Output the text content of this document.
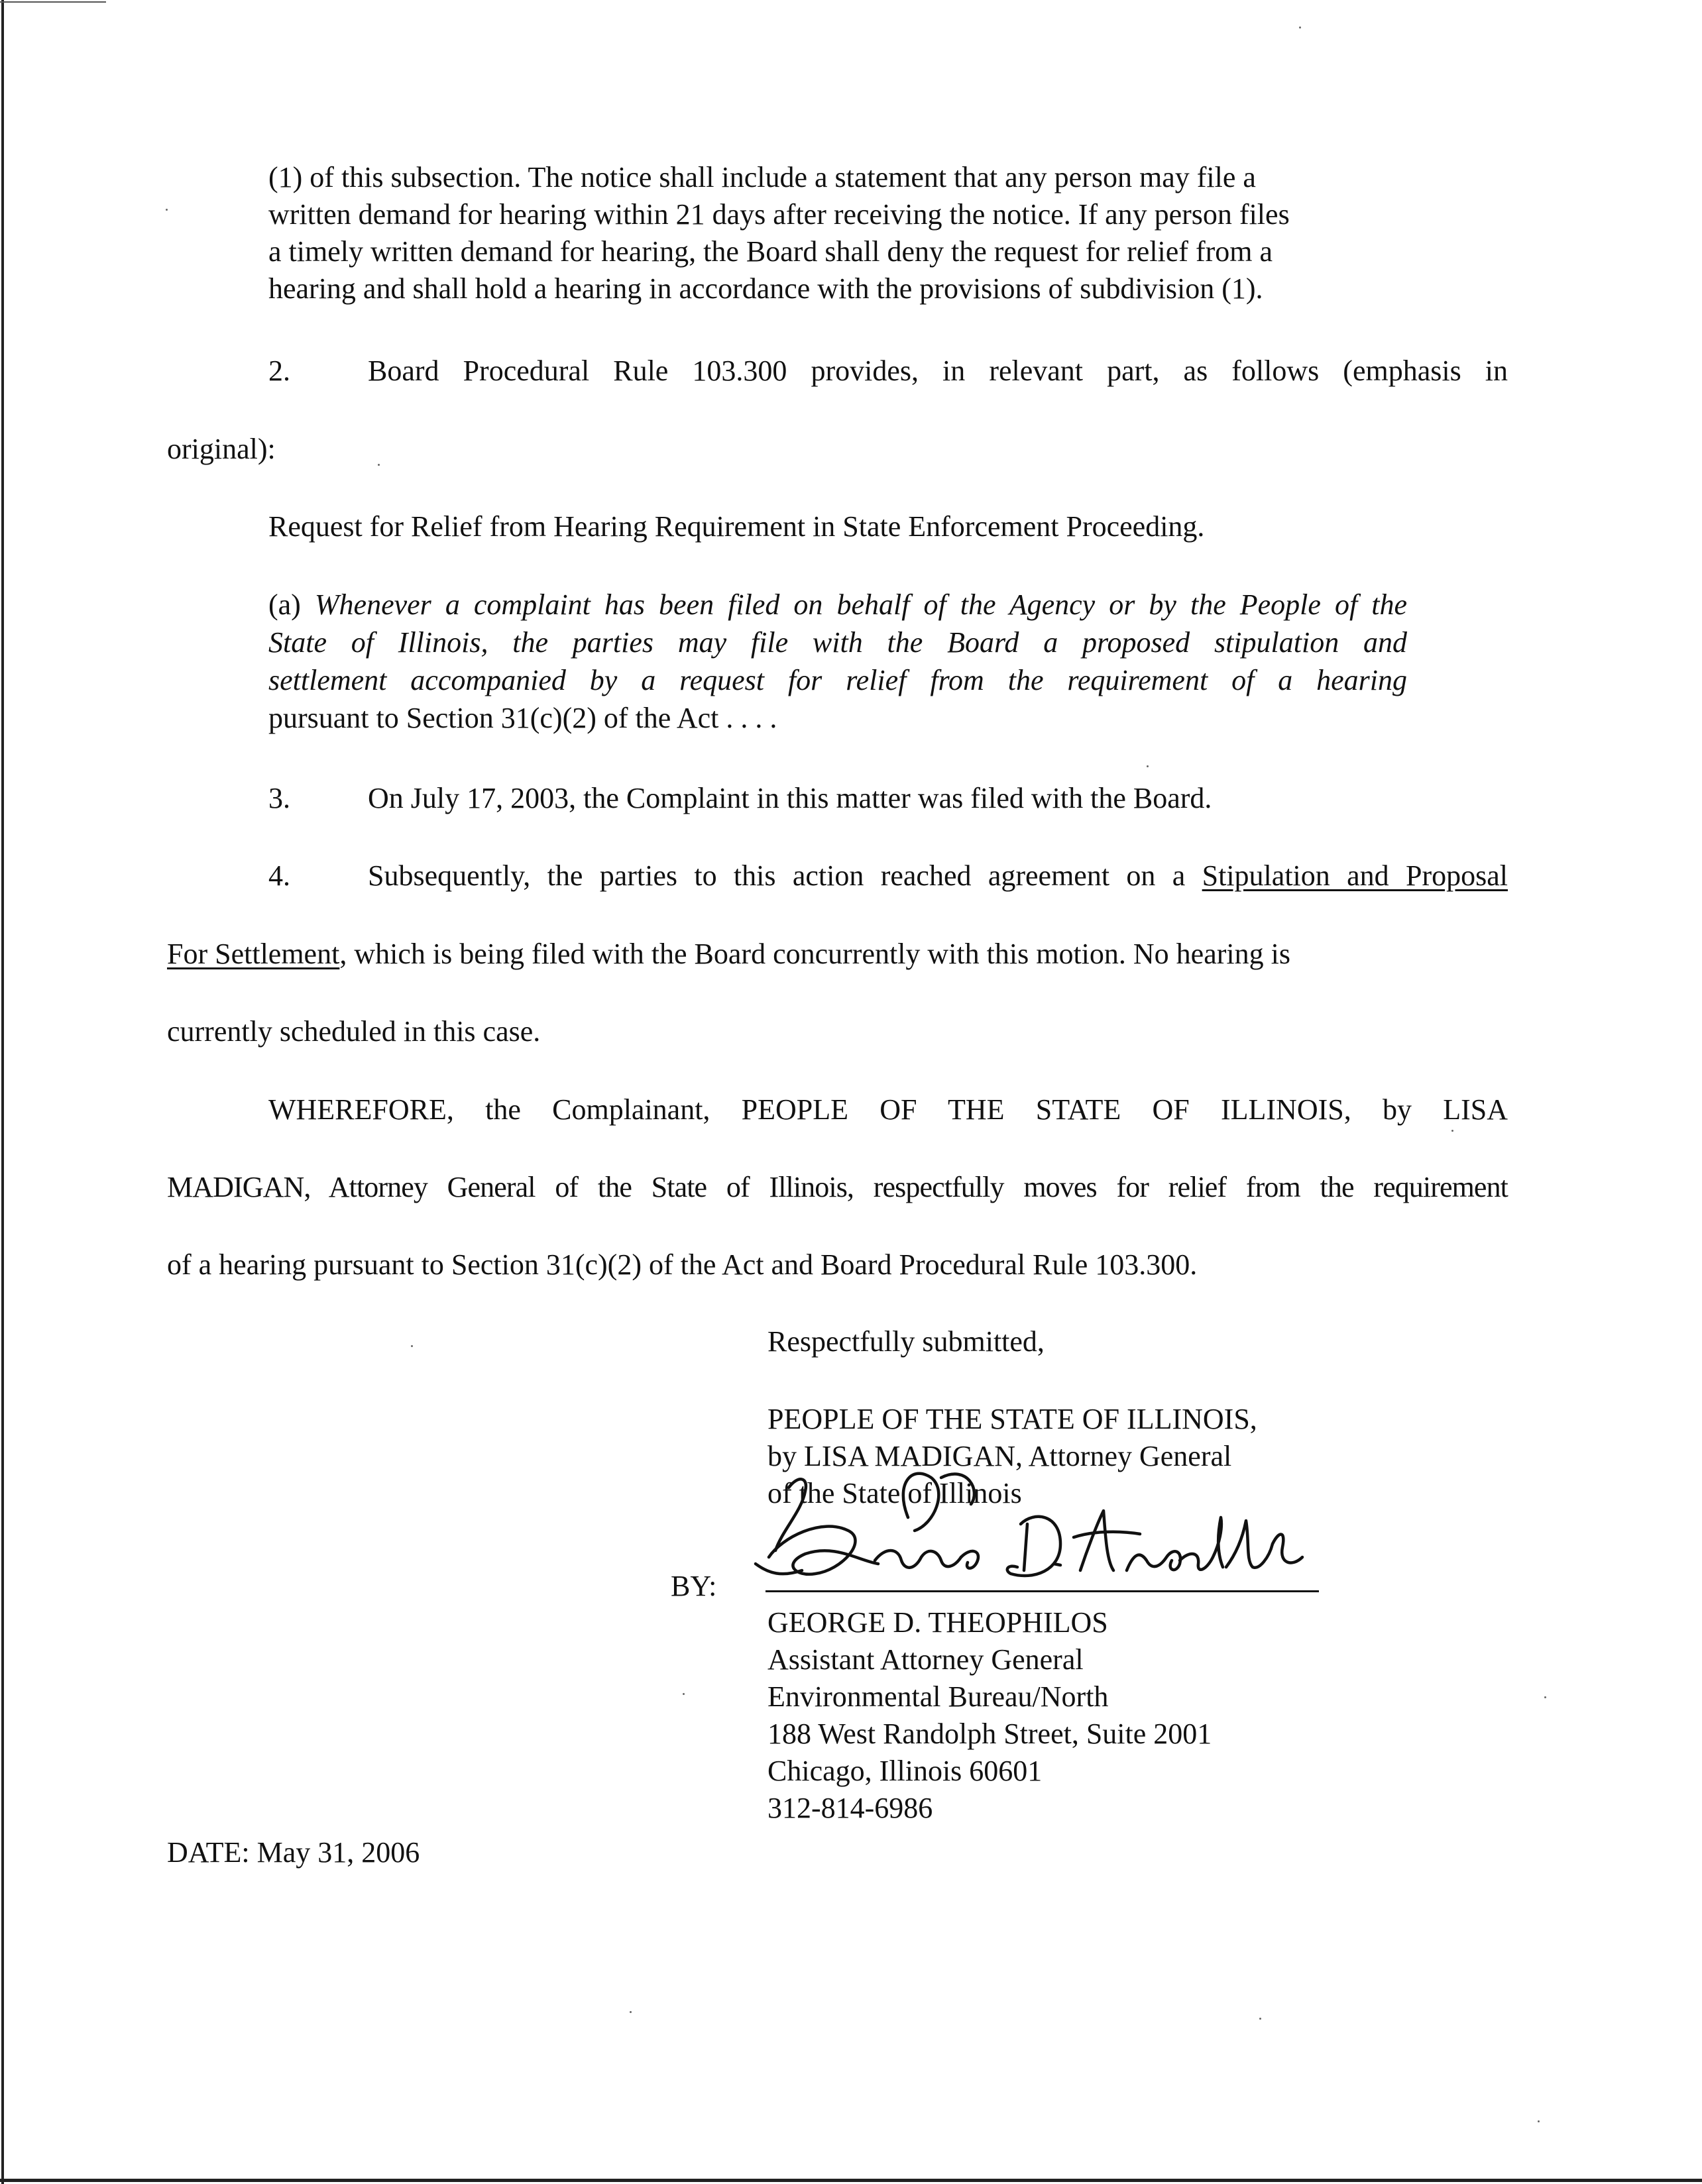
(1) of this subsection. The notice shall include a statement that any person may file a
written demand for hearing within 21 days after receiving the notice. If any person files
a timely written demand for hearing, the Board shall deny the request for relief from a
hearing and shall hold a hearing in accordance with the provisions of subdivision (1).
2.	Board Procedural Rule 103.300 provides, in relevant part, as follows (emphasis in
original):
Request for Relief from Hearing Requirement in State Enforcement Proceeding.
(a) Whenever a complaint has been filed on behalf of the Agency or by the People of the
State of Illinois, the parties may file with the Board a proposed stipulation and
settlement accompanied by a request for relief from the requirement of a hearing
pursuant to Section 31(c)(2) of the Act . . . .
3.	On July 17, 2003, the Complaint in this matter was filed with the Board.
4.	Subsequently, the parties to this action reached agreement on a Stipulation and Proposal
For Settlement, which is being filed with the Board concurrently with this motion. No hearing is
currently scheduled in this case.
WHEREFORE, the Complainant, PEOPLE OF THE STATE OF ILLINOIS, by LISA
MADIGAN, Attorney General of the State of Illinois, respectfully moves for relief from the requirement
of a hearing pursuant to Section 31(c)(2) of the Act and Board Procedural Rule 103.300.
Respectfully submitted,
PEOPLE OF THE STATE OF ILLINOIS,
by LISA MADIGAN, Attorney General
of the State of Illinois
BY:
GEORGE D. THEOPHILOS
Assistant Attorney General
Environmental Bureau/North
188 West Randolph Street, Suite 2001
Chicago, Illinois 60601
312-814-6986
DATE: May 31, 2006
